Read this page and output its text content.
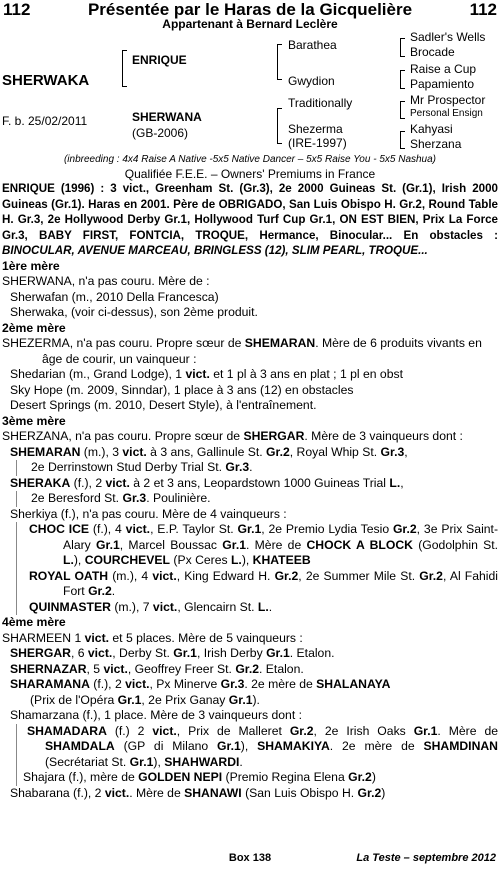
112	Présentée par le Haras de la Gicquelière	112
Appartenant à Bernard Leclère
SHERWAKA
F. b. 25/02/2011
ENRIQUE
SHERWANA
(GB-2006)
Barathea
Gwydion
Traditionally
Shezerma
(IRE-1997)
Sadler's Wells
Brocade
Raise a Cup
Papamiento
Mr Prospector
Personal Ensign
Kahyasi
Sherzana
(inbreeding : 4x4 Raise A Native -5x5 Native Dancer – 5x5 Raise You - 5x5 Nashua)
Qualifiée F.E.E. – Owners' Premiums in France

ENRIQUE (1996) : 3 vict., Greenham St. (Gr.3), 2e 2000 Guineas St. (Gr.1), Irish 2000 Guineas (Gr.1). Haras en 2001. Père de OBRIGADO, San Luis Obispo H. Gr.2, Round Table H. Gr.3, 2e Hollywood Derby Gr.1, Hollywood Turf Cup Gr.1, ON EST BIEN, Prix La Force Gr.3, BABY FIRST, FONTCIA, TROQUE, Hermance, Binocular... En obstacles : BINOCULAR, AVENUE MARCEAU, BRINGLESS (12), SLIM PEARL, TROQUE...

1ère mère

SHERWANA, n'a pas couru. Mère de :

Sherwafan (m., 2010 Della Francesca)

Sherwaka, (voir ci-dessus), son 2ème produit.

2ème mère

SHEZERMA, n'a pas couru. Propre sœur de SHEMARAN. Mère de 6 produits vivants en âge de courir, un vainqueur :

Shedarian (m., Grand Lodge), 1 vict. et 1 pl à 3 ans en plat ; 1 pl en obst

Sky Hope (m. 2009, Sinndar), 1 place à 3 ans (12) en obstacles

Desert Springs (m. 2010, Desert Style), à l'entraînement.

3ème mère

SHERZANA, n'a pas couru. Propre sœur de SHERGAR. Mère de 3 vainqueurs dont :

SHEMARAN (m.), 3 vict. à 3 ans, Gallinule St. Gr.2, Royal Whip St. Gr.3,

2e Derrinstown Stud Derby Trial St. Gr.3.

SHERAKA (f.), 2 vict. à 2 et 3 ans, Leopardstown 1000 Guineas Trial L.,

2e Beresford St. Gr.3. Poulinière.

Sherkiya (f.), n'a pas couru. Mère de 4 vainqueurs :

CHOC ICE (f.), 4 vict., E.P. Taylor St. Gr.1, 2e Premio Lydia Tesio Gr.2, 3e Prix Saint-Alary Gr.1, Marcel Boussac Gr.1. Mère de CHOCK A BLOCK (Godolphin St. L.), COURCHEVEL (Px Ceres L.), KHATEEB

ROYAL OATH (m.), 4 vict., King Edward H. Gr.2, 2e Summer Mile St. Gr.2, Al Fahidi Fort Gr.2.

QUINMASTER (m.), 7 vict., Glencairn St. L..

4ème mère

SHARMEEN 1 vict. et 5 places. Mère de 5 vainqueurs :

SHERGAR, 6 vict., Derby St. Gr.1, Irish Derby Gr.1. Etalon.

SHERNAZAR, 5 vict., Geoffrey Freer St. Gr.2. Etalon.

SHARAMANA (f.), 2 vict., Px Minerve Gr.3. 2e mère de SHALANAYA

(Prix de l'Opéra Gr.1, 2e Prix Ganay Gr.1).

Shamarzana (f.), 1 place. Mère de 3 vainqueurs dont :

SHAMADARA (f.) 2 vict., Prix de Malleret Gr.2, 2e Irish Oaks Gr.1. Mère de SHAMDALA (GP di Milano Gr.1), SHAMAKIYA. 2e mère de SHAMDINAN (Secrétariat St. Gr.1), SHAHWARDI.

Shajara (f.), mère de GOLDEN NEPI (Premio Regina Elena Gr.2)

Shabarana (f.), 2 vict.. Mère de SHANAWI (San Luis Obispo H. Gr.2)

Box 138	La Teste – septembre 2012
